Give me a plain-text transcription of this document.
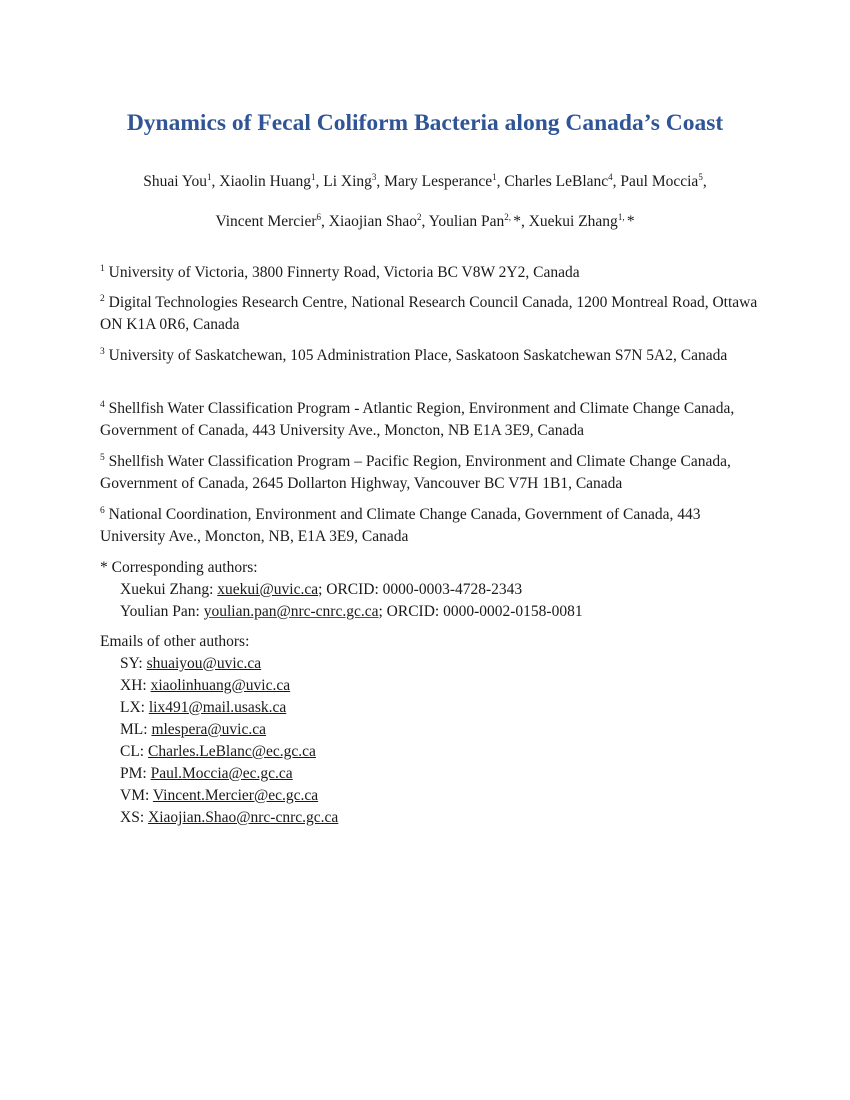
Dynamics of Fecal Coliform Bacteria along Canada’s Coast
Shuai You$^1$, Xiaolin Huang$^1$, Li Xing$^3$, Mary Lesperance$^1$, Charles LeBlanc$^4$, Paul Moccia$^5$,
Vincent Mercier$^6$, Xiaojian Shao$^2$, Youlian Pan$^{2,}$ *, Xuekui Zhang$^{1,}$ *

$^1$ University of Victoria, 3800 Finnerty Road, Victoria BC V8W 2Y2, Canada

$^2$ Digital Technologies Research Centre, National Research Council Canada, 1200 Montreal Road, Ottawa ON K1A 0R6, Canada

$^3$ University of Saskatchewan, 105 Administration Place, Saskatoon Saskatchewan S7N 5A2, Canada

$^4$ Shellfish Water Classification Program - Atlantic Region, Environment and Climate Change Canada, Government of Canada, 443 University Ave., Moncton, NB E1A 3E9, Canada

$^5$ Shellfish Water Classification Program – Pacific Region, Environment and Climate Change Canada, Government of Canada, 2645 Dollarton Highway, Vancouver BC V7H 1B1, Canada

$^6$ National Coordination, Environment and Climate Change Canada, Government of Canada, 443 University Ave., Moncton, NB, E1A 3E9, Canada

* Corresponding authors:
Xuekui Zhang: xuekui@uvic.ca; ORCID: 0000-0003-4728-2343
Youlian Pan: youlian.pan@nrc-cnrc.gc.ca; ORCID: 0000-0002-0158-0081
Emails of other authors:
SY: shuaiyou@uvic.ca
XH: xiaolinhuang@uvic.ca
LX: lix491@mail.usask.ca
ML: mlespera@uvic.ca
CL: Charles.LeBlanc@ec.gc.ca
PM: Paul.Moccia@ec.gc.ca
VM: Vincent.Mercier@ec.gc.ca
XS: Xiaojian.Shao@nrc-cnrc.gc.ca
